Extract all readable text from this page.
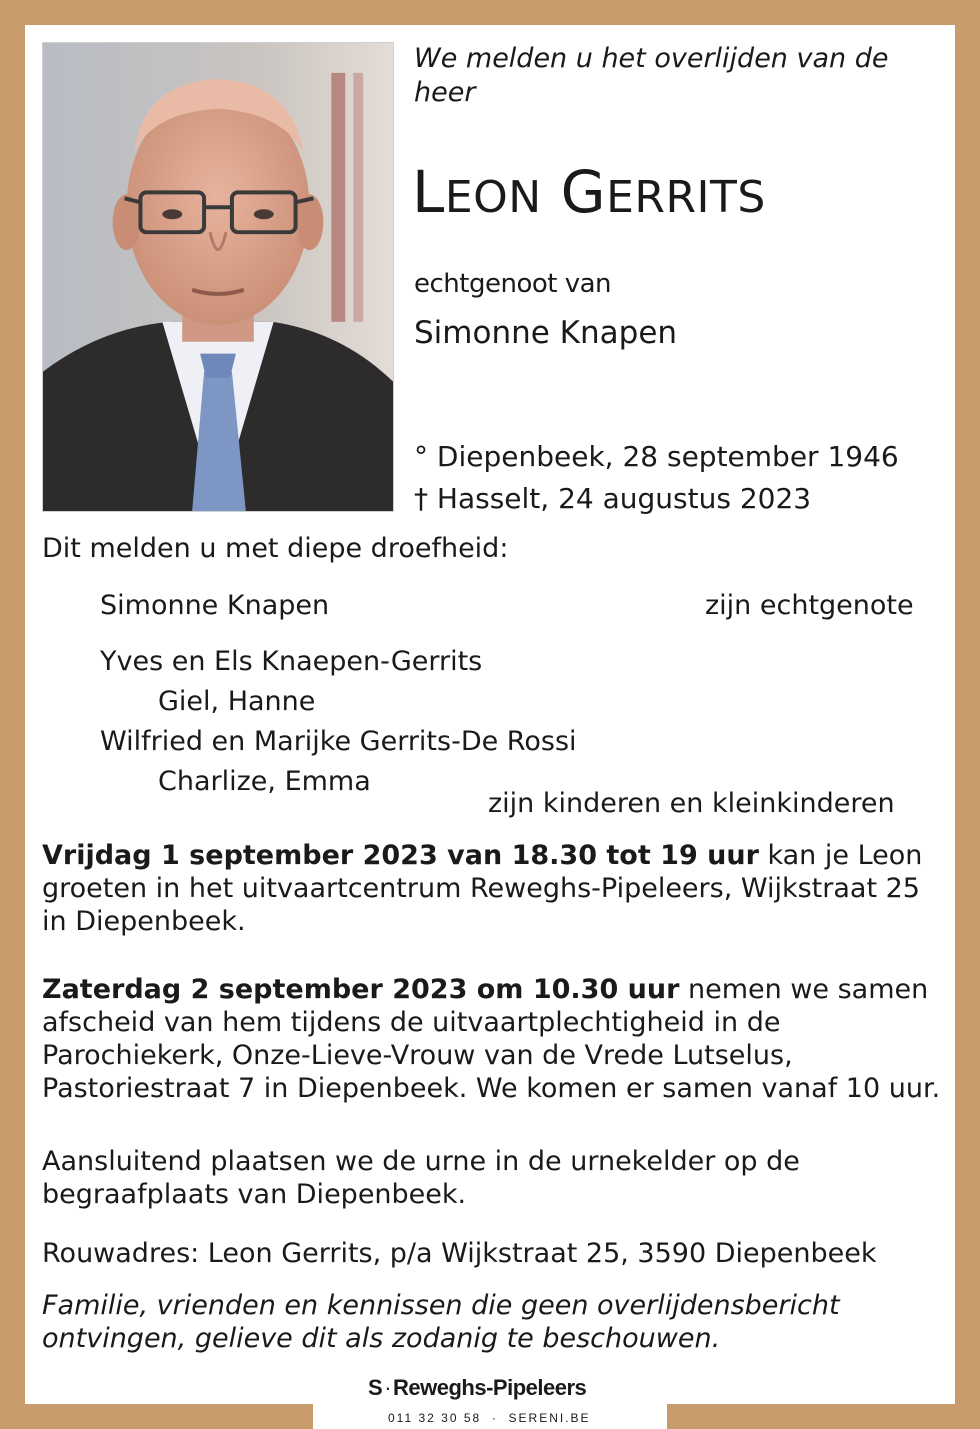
We melden u het overlijden van de heer
LEON GERRITS
echtgenoot van
Simonne Knapen
° Diepenbeek, 28 september 1946
† Hasselt, 24 augustus 2023
Dit melden u met diepe droefheid:
Simonne Knapen	zijn echtgenote
Yves en Els Knaepen-Gerrits
Giel, Hanne
Wilfried en Marijke Gerrits-De Rossi
Charlize, Emma
zijn kinderen en kleinkinderen
Vrijdag 1 september 2023 van 18.30 tot 19 uur kan je Leon groeten in het uitvaartcentrum Reweghs-Pipeleers, Wijkstraat 25 in Diepenbeek.
Zaterdag 2 september 2023 om 10.30 uur nemen we samen afscheid van hem tijdens de uitvaartplechtigheid in de Parochiekerk, Onze-Lieve-Vrouw van de Vrede Lutselus, Pastoriestraat 7 in Diepenbeek. We komen er samen vanaf 10 uur.
Aansluitend plaatsen we de urne in de urnekelder op de begraafplaats van Diepenbeek.
Rouwadres: Leon Gerrits, p/a Wijkstraat 25, 3590 Diepenbeek
Familie, vrienden en kennissen die geen overlijdensbericht ontvingen, gelieve dit als zodanig te beschouwen.
S·Reweghs-Pipeleers
011 32 30 58 · SERENI.BE
